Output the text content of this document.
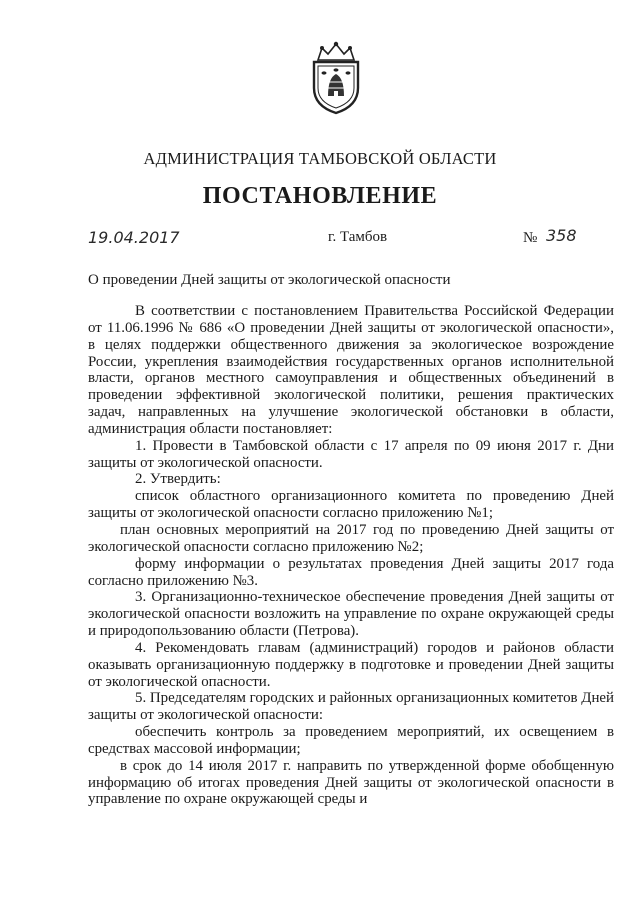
АДМИНИСТРАЦИЯ ТАМБОВСКОЙ ОБЛАСТИ
ПОСТАНОВЛЕНИЕ
19.04.2017	г. Тамбов	№ 358
О проведении Дней защиты от экологической опасности

В соответствии с постановлением Правительства Российской Федерации
от 11.06.1996 № 686 «О проведении Дней защиты от экологической опасности»,
в целях поддержки общественного движения за экологическое возрождение
России, укрепления взаимодействия государственных органов исполнительной
власти, органов местного самоуправления и общественных объединений в
проведении эффективной экологической политики, решения практических
задач, направленных на улучшение экологической обстановки в области,
администрация области постановляет:

1. Провести в Тамбовской области с 17 апреля по 09 июня 2017 г. Дни защиты от экологической опасности.

2. Утвердить:

список областного организационного комитета по проведению Дней защиты от экологической опасности согласно приложению №1;

план основных мероприятий на 2017 год по проведению Дней защиты от экологической опасности согласно приложению №2;

форму информации о результатах проведения Дней защиты 2017 года согласно приложению №3.

3. Организационно-техническое обеспечение проведения Дней защиты от экологической опасности возложить на управление по охране окружающей среды и природопользованию области (Петрова).

4. Рекомендовать главам (администраций) городов и районов области оказывать организационную поддержку в подготовке и проведении Дней защиты от экологической опасности.

5. Председателям городских и районных организационных комитетов Дней защиты от экологической опасности:

обеспечить контроль за проведением мероприятий, их освещением в средствах массовой информации;

в срок до 14 июля 2017 г. направить по утвержденной форме обобщенную информацию об итогах проведения Дней защиты от экологической опасности в управление по охране окружающей среды и
